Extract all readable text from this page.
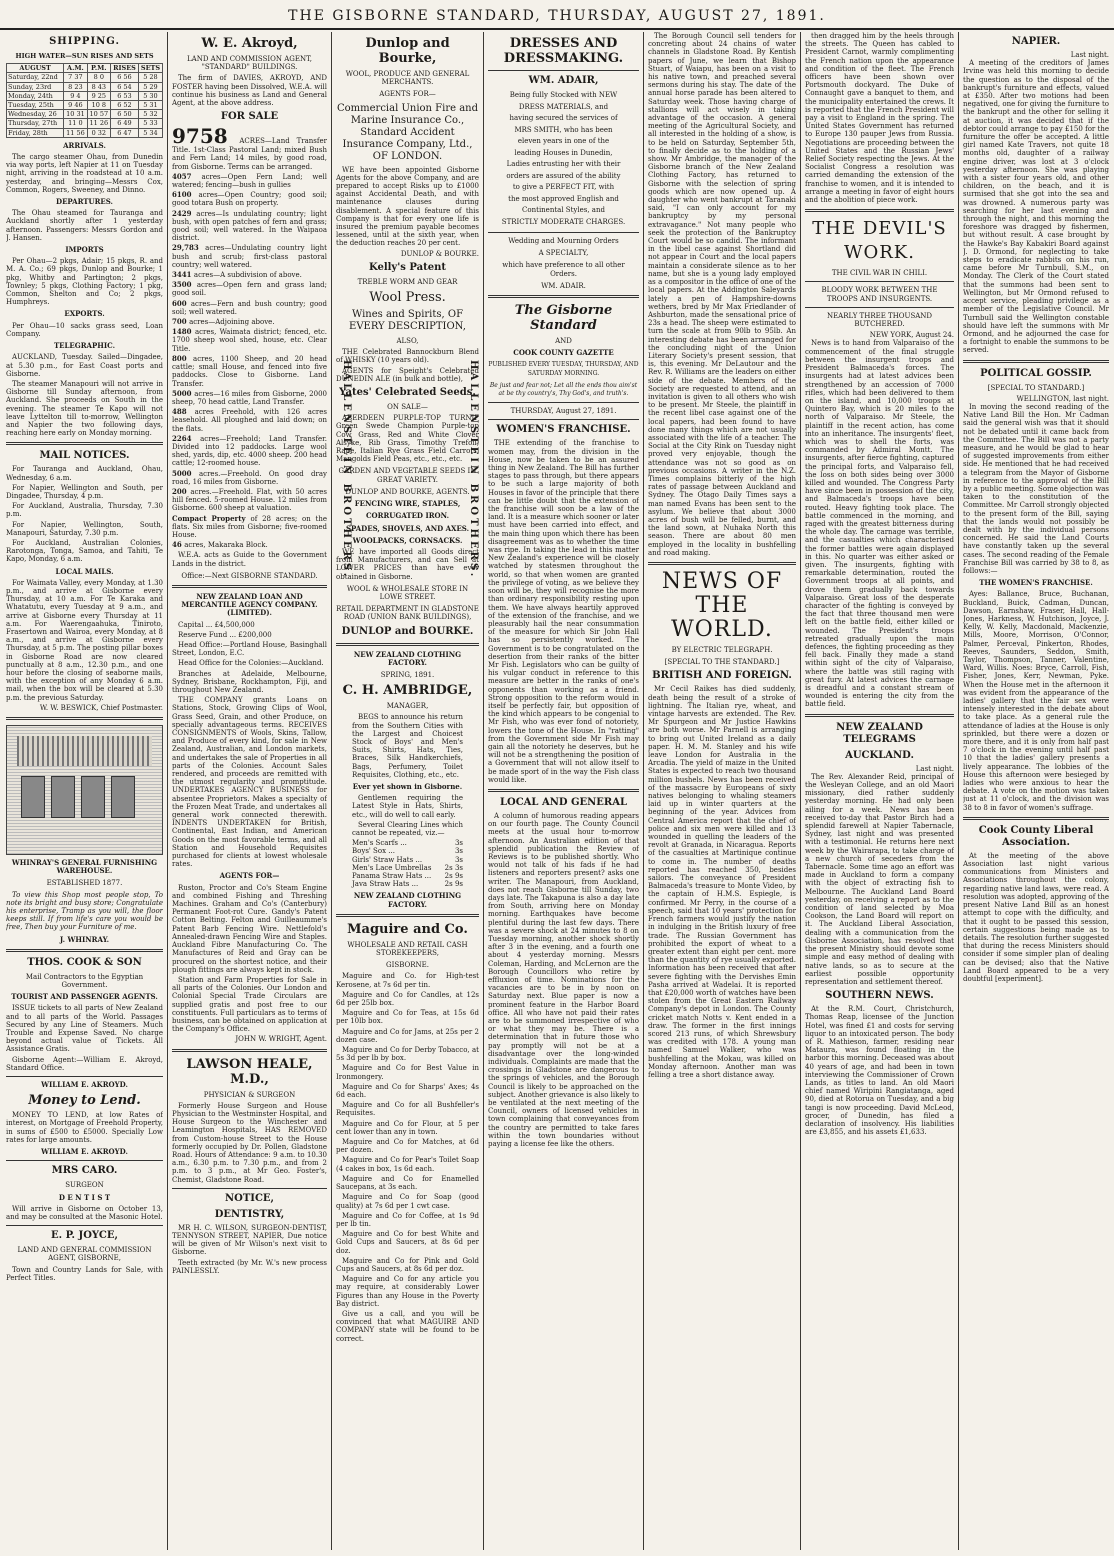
THE GISBORNE STANDARD, THURSDAY, AUGUST 27, 1891.
SHIPPING.
HIGH WATER—SUN RISES AND SETS
AUGUST	A.M.	P.M.	RISES	SETS
Saturday, 22nd	7 37	8 0	6 56	5 28
Sunday, 23rd	8 23	8 43	6 54	5 29
Monday, 24th	9 4	9 25	6 53	5 30
Tuesday, 25th	9 46	10 8	6 52	5 31
Wednesday, 26	10 31	10 57	6 50	5 32
Thursday, 27th	11 0	11 26	6 49	5 33
Friday, 28th	11 56	0 32	6 47	5 34
ARRIVALS.

The cargo steamer Ohau, from Dunedin via way ports, left Napier at 11 on Tuesday night, arriving in the roadstead at 10 a.m. yesterday, and bringing—Messrs Cox, Common, Rogers, Sweeney, and Dinno.

DEPARTURES.

The Ohau steamed for Tauranga and Auckland shortly after 1 yesterday afternoon. Passengers: Messrs Gordon and J. Hansen.

IMPORTS

Per Ohau—2 pkgs, Adair; 15 pkgs, R. and M. A. Co.; 69 pkgs, Dunlop and Bourke; 1 pkg, Whitby and Partington; 2 pkgs, Townley; 5 pkgs, Clothing Factory; 1 pkg, Common, Shelton and Co; 2 pkgs, Humphreys.

EXPORTS.

Per Ohau—10 sacks grass seed, Loan Company.

TELEGRAPHIC.

AUCKLAND, Tuesday. Sailed—Dingadee, at 5.30 p.m., for East Coast ports and Gisborne.

The steamer Manapouri will not arrive in Gisborne till Sunday afternoon, from Auckland. She proceeds on South in the evening. The steamer Te Kapo will not leave Lyttelton till to-morrow, Wellington and Napier the two following days, reaching here early on Monday morning.

MAIL NOTICES.

For Tauranga and Auckland, Ohau, Wednesday, 6 a.m.

For Napier, Wellington and South, per Dingadee, Thursday, 4 p.m.

For Auckland, Australia, Thursday, 7.30 p.m.

For Napier, Wellington, South, Manapouri, Saturday, 7.30 p.m.

For Auckland, Australian Colonies, Rarotonga, Tonga, Samoa, and Tahiti, Te Kapo, Monday, 6 a.m.

LOCAL MAILS.

For Waimata Valley, every Monday, at 1.30 p.m., and arrive at Gisborne every Thursday, at 10 a.m. For Te Karaka and Whatatutu, every Tuesday at 9 a.m., and arrive at Gisborne every Thursday at 11 a.m. For Waerengaahuka, Tiniroto, Frasertown and Wairoa, every Monday, at 8 a.m., and arrive at Gisborne every Thursday, at 5 p.m. The posting pillar boxes in Gisborne Road are now cleared punctually at 8 a.m., 12.30 p.m., and one hour before the closing of seaborne mails, with the exception of any Monday 6 a.m. mail, when the box will be cleared at 5.30 p.m. the previous Saturday.

W. W. BESWICK, Chief Postmaster.
WHINRAY'S GENERAL FURNISHING WAREHOUSE.
ESTABLISHED 1877.

To view this Shop most people stop, To note its bright and busy store; Congratulate his enterprise, Tramp as you will, the floor keeps still. If from life's care you would be free, Then buy your Furniture of me.

J. WHINRAY.
THOS. COOK & SON
Mail Contractors to the Egyptian Government.
TOURIST AND PASSENGER AGENTS.

ISSUE tickets to all parts of New Zealand and to all parts of the World. Passages Secured by any Line of Steamers. Much Trouble and Expense Saved. No charge beyond actual value of Tickets. All Assistance Gratis.

Gisborne Agent:—William E. Akroyd, Standard Office.

WILLIAM E. AKROYD.
Money to Lend.

MONEY TO LEND, at low Rates of interest, on Mortgage of Freehold Property, in sums of £500 to £5000. Specially Low rates for large amounts.

WILLIAM E. AKROYD.
MRS CARO.
SURGEON
D E N T I S T

Will arrive in Gisborne on October 13, and may be consulted at the Masonic Hotel.

E. P. JOYCE,
LAND AND GENERAL COMMISSION AGENT, GISBORNE,

Town and Country Lands for Sale, with Perfect Titles.

W. E. Akroyd,
LAND AND COMMISSION AGENT, "STANDARD" BUILDINGS.

The firm of DAVIES, AKROYD, AND FOSTER having been Dissolved, W.E.A. will continue his business as Land and General Agent, at the above address.

FOR SALE

9758 ACRES—Land Transfer Title. 1st-Class Pastoral Land; mixed Bush and Fern Land; 14 miles, by good road, from Gisborne. Terms can be arranged.

4057 acres—Open Fern Land; well watered; fencing—bush in gullies

6100 acres—Open Country; good soil; good totara Bush on property.

2429 acres—Is undulating country; light bush, with open patches of fern and grass; good soil; well watered. In the Waipaoa district.

29,783 acres—Undulating country light bush and scrub; first-class pastoral country; well watered.

3441 acres—A subdivision of above.

3500 acres—Open fern and grass land; good soil.

600 acres—Fern and bush country; good soil; well watered.

700 acres—Adjoining above.

1480 acres, Waimata district; fenced, etc. 1700 sheep wool shed, house, etc. Clear Title.

800 acres, 1100 Sheep, and 20 head cattle; small House, and fenced into five paddocks. Close to Gisborne. Land Transfer.

5000 acres—16 miles from Gisborne, 2000 sheep, 70 head cattle, Land Transfer.

488 acres Freehold, with 126 acres leasehold. All ploughed and laid down; on the flats.

2264 acres—Freehold; Land Transfer. Divided into 12 paddocks. Large wool shed, yards, dip, etc. 4000 sheep. 200 head cattle; 12-roomed house.

5000 acres.—Freehold. On good dray road, 16 miles from Gisborne.

200 acres.—Freehold. Flat, with 50 acres hill fenced. 5-roomed House. 12 miles from Gisborne. 600 sheep at valuation.

Compact Property of 28 acres; on the flats. Six miles from Gisborne; five-roomed House.

46 acres, Makaraka Block.

W.E.A. acts as Guide to the Government Lands in the district.

Office:—Next GISBORNE STANDARD.
NEW ZEALAND LOAN AND MERCANTILE AGENCY COMPANY. (LIMITED).

Capital ... £4,500,000

Reserve Fund ... £200,000

Head Office:—Portland House, Basinghall Street, London, E.C.

Head Office for the Colonies:—Auckland.

Branches at Adelaide, Melbourne, Sydney, Brisbane, Rockhampton, Fiji, and throughout New Zealand.

THE COMPANY grants Loans on Stations, Stock, Growing Clips of Wool, Grass Seed, Grain, and other Produce, on specially advantageous terms. RECEIVES CONSIGNMENTS of Wools, Skins, Tallow, and Produce of every kind, for sale in New Zealand, Australian, and London markets, and undertakes the sale of Properties in all parts of the Colonies. Account Sales rendered, and proceeds are remitted with the utmost regularity and promptitude. UNDERTAKES AGENCY BUSINESS for absentee Proprietors. Makes a specialty of the Frozen Meat Trade, and undertakes all general work connected therewith. INDENTS UNDERTAKEN for British, Continental, East Indian, and American Goods on the most favorable terms, and all Station and Household Requisites purchased for clients at lowest wholesale rates.

AGENTS FOR—

Ruston, Proctor and Co's Steam Engine and combined Fishing and Threshing Machines. Graham and Co's (Canterbury) Permanent Foot-rot Cure. Gandy's Patent Cotton Belting. Felton and Guilleaumme's Patent Barb Fencing Wire. Nettlefold's Annealed-drawn Fencing Wire and Staples. Auckland Fibre Manufacturing Co. The Manufactures of Reid and Gray can be procured on the shortest notice, and their plough fittings are always kept in stock.

Station and Farm Properties for Sale in all parts of the Colonies. Our London and Colonial Special Trade Circulars are supplied gratis and post free to our constituents. Full particulars as to terms of business, can be obtained on application at the Company's Office.

JOHN W. WRIGHT, Agent.
LAWSON HEALE, M.D.,
PHYSICIAN & SURGEON

Formerly House Surgeon and House Physician to the Westminster Hospital, and House Surgeon to the Winchester and Leamington Hospitals, HAS REMOVED from Custom-house Street to the House formerly occupied by Dr. Pollen, Gladstone Road. Hours of Attendance: 9 a.m. to 10.30 a.m., 6.30 p.m. to 7.30 p.m., and from 2 p.m. to 3 p.m., at Mr Geo. Foster's, Chemist, Gladstone Road.

NOTICE,
DENTISTRY,

MR H. C. WILSON, SURGEON-DENTIST, TENNYSON STREET, NAPIER, Due notice will be given of Mr Wilson's next visit to Gisborne.

Teeth extracted (by Mr. W.'s new process PAINLESSLY.

Dunlop and Bourke,
WOOL, PRODUCE AND GENERAL MERCHANTS.
AGENTS FOR—
Commercial Union Fire and Marine Insurance Co., Standard Accident Insurance Company, Ltd., OF LONDON.

WE have been appointed Gisborne Agents for the above Company, and are prepared to accept Risks up to £1000 against Accidental Death, and with maintenance clauses during disablement. A special feature of this Company is that for every one life is insured the premium payable becomes lessened, until at the sixth year, when the deduction reaches 20 per cent.

DUNLOP & BOURKE.
Kelly's Patent
TREBLE WORM AND GEAR
Wool Press.
Wines and Spirits, OF EVERY DESCRIPTION,
ALSO,

THE Celebrated Bannockburn Blend of WHISKY (10 years old).

AGENTS for Speight's Celebrated DUNEDIN ALE (in bulk and bottle),

Yates' Celebrated Seeds.
ON SALE—

ABERDEEN PURPLE-TOP TURNIP Green Swede Champion Purple-top Cow Grass, Red and White Clover Alsyke, Rib Grass, Timothy Trefoil, Rape, Italian Rye Grass Field Carrots, Mangolds Field Peas, etc., etc., etc.

GARDEN AND VEGETABLE SEEDS IN GREAT VARIETY.
DUNLOP AND BOURKE, AGENTS.
FENCING WIRE, STAPLES,
CORRUGATED IRON.
SPADES, SHOVELS, AND AXES.
WOOLPACKS, CORNSACKS.

WE have imported all Goods direct from Manufacturers, and can Sell at LOWER PRICES than have ever obtained in Gisborne.

WOOL & WHOLESALE STORE IN LOWE STREET.
RETAIL DEPARTMENT IN GLADSTONE ROAD (UNION BANK BUILDINGS),
DUNLOP and BOURKE.
NEW ZEALAND CLOTHING FACTORY.
SPRING, 1891.
C. H. AMBRIDGE,
MANAGER,

BEGS to announce his return from the Southern Cities with the Largest and Choicest Stock of Boys' and Men's Suits, Shirts, Hats, Ties, Braces, Silk Handkerchiefs, Bags, Perfumery, Toilet Requisites, Clothing, etc., etc.

Ever yet shown in Gisborne.

Gentlemen requiring the Latest Style in Hats, Shirts, etc., will do well to call early.

Several Clearing Lines which cannot be repeated, viz.—

Men's Scarfs ...	3s
Boys' Sox ...	3s
Girls' Straw Hats ...	3s
Men's Lace Umbrellas 2s 3s
Panama Straw Hats ... 2s 9s
Java Straw Hats ...	2s 9s
NEW ZEALAND CLOTHING FACTORY.
Maguire and Co.
WHOLESALE AND RETAIL CASH STOREKEEPERS,
GISBORNE.

Maguire and Co. for High-test Kerosene, at 7s 6d per tin.

Maguire and Co for Candles, at 12s 6d per 25lb box.

Maguire and Co for Teas, at 15s 6d per 10lb box.

Maguire and Co for Jams, at 25s per 2 dozen case.

Maguire and Co for Derby Tobacco, at 5s 3d per lb by box.

Maguire and Co for Best Value in Ironmongery.

Maguire and Co for Sharps' Axes; 4s 6d each.

Maguire and Co for all Bushfeller's Requisites.

Maguire and Co for Flour, at 5 per cent lower than any in town.

Maguire and Co for Matches, at 6d per dozen.

Maguire and Co for Pear's Toilet Soap (4 cakes in box, 1s 6d each.

Maguire and Co for Enamelled Saucepans, at 3s each.

Maguire and Co for Soap (good quality) at 7s 6d per 1 cwt case.

Maguire and Co for Coffee, at 1s 9d per lb tin.

Maguire and Co for best White and Gold Cups and Saucers, at 8s 6d per doz.

Maguire and Co for Pink and Gold Cups and Saucers, at 8s 6d per doz.

Maguire and Co for any article you may require, at considerably Lower Figures than any House in the Poverty Bay district.

Give us a call, and you will be convinced that what MAGUIRE AND COMPANY state will be found to be correct.

HALLENSTEIN BROTHERS.	HALLENSTEIN BROTHERS.
DRESSES AND DRESSMAKING.
WM. ADAIR,
Being fully Stocked with NEW
DRESS MATERIALS, and
having secured the services of
MRS SMITH, who has been
eleven years in one of the
leading Houses in Dunedin,
Ladies entrusting her with their
orders are assured of the ability
to give a PERFECT FIT, with
the most approved English and
Continental Styles, and
STRICTLY MODERATE CHARGES.
Wedding and Mourning Orders
A SPECIALTY,
which have preference to all other Orders.
WM. ADAIR.
The Gisborne Standard
AND
COOK COUNTY GAZETTE
PUBLISHED EVERY TUESDAY, THURSDAY, AND SATURDAY MORNING.
Be just and fear not; Let all the ends thou aim'st at be thy country's, Thy God's, and truth's.
THURSDAY, August 27, 1891.
WOMEN'S FRANCHISE.

THE extending of the franchise to women may, from the division in the House, now be taken to be an assured thing in New Zealand. The Bill has further stages to pass through, but there appears to be such a large majority of both Houses in favor of the principle that there can be little doubt that the extension of the franchise will soon be a law of the land. It is a measure which sooner or later must have been carried into effect, and the main thing upon which there has been disagreement was as to whether the time was ripe. In taking the lead in this matter New Zealand's experience will be closely watched by statesmen throughout the world, so that when women are granted the privilege of voting, as we believe they soon will be, they will recognise the more than ordinary responsibility resting upon them. We have always heartily approved of the extension of the franchise, and we pleasurably hail the near consummation of the measure for which Sir John Hall has so persistently worked. The Government is to be congratulated on the desertion from their ranks of the bitter Mr Fish. Legislators who can be guilty of his vulgar conduct in reference to this measure are better in the ranks of one's opponents than working as a friend. Strong opposition to the reform would in itself be perfectly fair, but opposition of the kind which appears to be congenial to Mr Fish, who was ever fond of notoriety, lowers the tone of the House. In "ratting" from the Government side Mr Fish may gain all the notoriety he deserves, but he will not be a strengthening the position of a Government that will not allow itself to be made sport of in the way the Fish class would like.

LOCAL AND GENERAL

A column of humorous reading appears on our fourth page. The County Council meets at the usual hour to-morrow afternoon. An Australian edition of that splendid publication the Review of Reviews is to be published shortly. Who would not talk of his fads if he had listeners and reporters present? asks one writer. The Manapouri, from Auckland, does not reach Gisborne till Sunday, two days late. The Takapuna is also a day late from South, arriving here on Monday morning. Earthquakes have become plentiful during the last few days. There was a severe shock at 24 minutes to 8 on Tuesday morning, another shock shortly after 3 in the evening, and a fourth one about 4 yesterday morning. Messrs Coleman, Harding, and McLernon are the Borough Councillors who retire by effluxion of time. Nominations for the vacancies are to be in by noon on Saturday next. Blue paper is now a prominent feature in the Harbor Board office. All who have not paid their rates are to be summoned irrespective of who or what they may be. There is a determination that in future those who pay promptly will not be at a disadvantage over the long-winded individuals. Complaints are made that the crossings in Gladstone are dangerous to the springs of vehicles, and the Borough Council is likely to be approached on the subject. Another grievance is also likely to be ventilated at the next meeting of the Council, owners of licensed vehicles in town complaining that conveyances from the country are permitted to take fares within the town boundaries without paying a license fee like the others.

The Borough Council sell tenders for concreting about 24 chains of water channels in Gladstone Road. By Kentish papers of June, we learn that Bishop Stuart, of Waiapu, has been on a visit to his native town, and preached several sermons during his stay. The date of the annual horse parade has been altered to Saturday week. Those having charge of stallions will act wisely in taking advantage of the occasion. A general meeting of the Agricultural Society, and all interested in the holding of a show, is to be held on Saturday, September 5th, to finally decide as to the holding of a show. Mr Ambridge, the manager of the Gisborne branch of the New Zealand Clothing Factory, has returned to Gisborne with the selection of spring goods which are now opened up. A daughter who went bankrupt at Taranaki said, "I can only account for my bankruptcy by my personal extravagance." Not many people who seek the protection of the Bankruptcy Court would be so candid. The informant in the libel case against Shortland did not appear in Court and the local papers maintain a considerate silence as to her name, but she is a young lady employed as a compositor in the office of one of the local papers. At the Addington Saleyards lately a pen of Hampshire-downs wethers, bred by Mr Max Friedlander of Ashburton, made the sensational price of 23s a head. The sheep were estimated to turn the scale at from 90lb to 95lb. An interesting debate has been arranged for the concluding night of the Union Literary Society's present session, that is, this evening. Mr DeLautour and the Rev. R. Williams are the leaders on either side of the debate. Members of the Society are requested to attend, and an invitation is given to all others who wish to be present. Mr Steele, the plaintiff in the recent libel case against one of the local papers, had been found to have done many things which are not usually associated with the life of a teacher. The Social at the City Rink on Tuesday night proved very enjoyable, though the attendance was not so good as on previous occasions. A writer in the N.Z. Times complains bitterly of the high rates of passage between Auckland and Sydney. The Otago Daily Times says a man named Evans has been sent to the asylum. We believe that about 3000 acres of bush will be felled, burnt, and the land sown, at Nuhaka North this season. There are about 80 men employed in the locality in bushfelling and road making.

NEWS OF THE WORLD.
BY ELECTRIC TELEGRAPH.
[SPECIAL TO THE STANDARD.]
BRITISH AND FOREIGN.

Mr Cecil Raikes has died suddenly, death being the result of a stroke of lightning. The Italian rye, wheat, and vintage harvests are extended. The Rev. Mr Spurgeon and Mr Justice Hawkins are both worse. Mr Parnell is arranging to bring out United Ireland as a daily paper. H. M. M. Stanley and his wife leave London for Australia in the Arcadia. The yield of maize in the United States is expected to reach two thousand million bushels. News has been received of the massacre by Europeans of sixty natives belonging to whaling steamers laid up in winter quarters at the beginning of the year. Advices from Central America report that the chief of police and six men were killed and 13 wounded in quelling the leaders of the revolt at Granada, in Nicaragua. Reports of the casualties at Martinique continue to come in. The number of deaths reported has reached 350, besides sailors. The conveyance of President Balmaceda's treasure to Monte Video, by the captain of H.M.S. Espiegle, is confirmed. Mr Perry, in the course of a speech, said that 10 years' protection for French farmers would justify the nation in indulging in the British luxury of free trade. The Russian Government has prohibited the export of wheat to a greater extent than eight per cent. more than the quantity of rye usually exported. Information has been received that after severe fighting with the Dervishes Emin Pasha arrived at Wadelai. It is reported that £20,000 worth of watches have been stolen from the Great Eastern Railway Company's depot in London. The County cricket match Notts v. Kent ended in a draw. The former in the first innings scored 213 runs, of which Shrewsbury was credited with 178. A young man named Samuel Walker, who was bushfelling at the Mokau, was killed on Monday afternoon. Another man was felling a tree a short distance away.

then dragged him by the heels through the streets. The Queen has cabled to President Carnot, warmly complimenting the French nation upon the appearance and condition of the fleet. The French officers have been shown over Portsmouth dockyard. The Duke of Connaught gave a banquet to them, and the municipality entertained the crews. It is reported that the French President will pay a visit to England in the spring. The United States Government has returned to Europe 130 pauper Jews from Russia. Negotiations are proceeding between the United States and the Russian Jews' Relief Society respecting the Jews. At the Socialist Congress a resolution was carried demanding the extension of the franchise to women, and it is intended to arrange a meeting in favor of eight hours and the abolition of piece work.

THE DEVIL'S WORK.
THE CIVIL WAR IN CHILI.
BLOODY WORK BETWEEN THE TROOPS AND INSURGENTS.
NEARLY THREE THOUSAND BUTCHERED.
NEW YORK, August 24.

News is to hand from Valparaiso of the commencement of the final struggle between the insurgent troops and President Balmaceda's forces. The insurgents had at latest advices been strengthened by an accession of 7000 rifles, which had been delivered to them on the island, and 10,000 troops at Quintero Bay, which is 20 miles to the north of Valparaiso. Mr Steele, the plaintiff in the recent action, has come into an inheritance. The insurgents' fleet, which was to shell the forts, was commanded by Admiral Montt. The insurgents, after fierce fighting, captured the principal forts, and Valparaiso fell, the loss on both sides being over 3000 killed and wounded. The Congress Party have since been in possession of the city, and Balmaceda's troops have been routed. Heavy fighting took place. The battle commenced in the morning, and raged with the greatest bitterness during the whole day. The carnage was terrible, and the casualties which characterised the former battles were again displayed in this. No quarter was either asked or given. The insurgents, fighting with remarkable determination, routed the Government troops at all points, and drove them gradually back towards Valparaiso. Great loss of the desperate character of the fighting is conveyed by the fact that three thousand men were left on the battle field, either killed or wounded. The President's troops retreated gradually upon the main defences, the fighting proceeding as they fell back. Finally they made a stand within sight of the city of Valparaiso, where the battle was still raging with great fury. At latest advices the carnage is dreadful and a constant stream of wounded is entering the city from the battle field.

NEW ZEALAND TELEGRAMS
AUCKLAND.
Last night.

The Rev. Alexander Reid, principal of the Wesleyan College, and an old Maori missionary, died rather suddenly yesterday morning. He had only been ailing for a week. News has been received to-day that Pastor Birch had a splendid farewell at Napier Tabernacle, Sydney, last night and was presented with a testimonial. He returns here next week by the Wairarapa, to take charge of a new church of seceders from the Tabernacle. Some time ago an effort was made in Auckland to form a company with the object of extracting fish to Melbourne. The Auckland Land Board yesterday, on receiving a report as to the condition of land selected by Moa Cookson, the Land Board will report on it. The Auckland Liberal Association, dealing with a communication from the Gisborne Association, has resolved that the present Ministry should devote some simple and easy method of dealing with native lands, so as to secure at the earliest possible opportunity representation and settlement thereof.

SOUTHERN NEWS.

At the R.M. Court, Christchurch, Thomas Reap, licensee of the Junction Hotel, was fined £1 and costs for serving liquor to an intoxicated person. The body of R. Mathieson, farmer, residing near Mataura, was found floating in the harbor this morning. Deceased was about 40 years of age, and had been in town interviewing the Commissioner of Crown Lands, as titles to land. An old Maori chief named Wiripini Rangiatanga, aged 90, died at Rotorua on Tuesday, and a big tangi is now proceeding. David McLeod, grocer, of Dunedin, has filed a declaration of insolvency. His liabilities are £3,855, and his assets £1,633.

NAPIER.
Last night.

A meeting of the creditors of James Irvine was held this morning to decide the question as to the disposal of the bankrupt's furniture and effects, valued at £350. After two motions had been negatived, one for giving the furniture to the bankrupt and the other for selling it at auction, it was decided that if the debtor could arrange to pay £150 for the furniture the offer be accepted. A little girl named Kate Travers, not quite 18 months old, daughter of a railway engine driver, was lost at 3 o'clock yesterday afternoon. She was playing with a sister four years old, and other children, on the beach, and it is surmised that she got into the sea and was drowned. A numerous party was searching for her last evening and through the night, and this morning the foreshore was dragged by fishermen, but without result. A case brought by the Hawke's Bay Kabakiri Board against J. D. Ormond, for neglecting to take steps to eradicate rabbits on his run, came before Mr Turnbull, S.M., on Monday. The Clerk of the Court stated that the summons had been sent to Wellington, but Mr Ormond refused to accept service, pleading privilege as a member of the Legislative Council. Mr Turnbull said the Wellington constable should have left the summons with Mr Ormond, and he adjourned the case for a fortnight to enable the summons to be served.

POLITICAL GOSSIP.
[SPECIAL TO STANDARD.]
WELLINGTON, last night.

In moving the second reading of the Native Land Bill the Hon. Mr Cadman said the general wish was that it should not be debated until it came back from the Committee. The Bill was not a party measure, and he would be glad to hear of suggested improvements from either side. He mentioned that he had received a telegram from the Mayor of Gisborne in reference to the approval of the Bill by a public meeting. Some objection was taken to the constitution of the Committee. Mr Carroll strongly objected to the present form of the Bill, saying that the lands would not possibly be dealt with by the individual persons concerned. He said the Land Courts have constantly taken up the several cases. The second reading of the Female Franchise Bill was carried by 38 to 8, as follows:—

THE WOMEN'S FRANCHISE.

Ayes: Ballance, Bruce, Buchanan, Buckland, Buick, Cadman, Duncan, Dawson, Earnshaw, Fraser, Hall, Hall-Jones, Harkness, W. Hutchison, Joyce, J. Kelly, W. Kelly, Macdonald, Mackenzie, Mills, Moore, Morrison, O'Connor, Palmer, Perceval, Pinkerton, Rhodes, Reeves, Saunders, Seddon, Smith, Taylor, Thompson, Tanner, Valentine, Ward, Willis. Noes: Bryce, Carroll, Fish, Fisher, Jones, Kerr, Newman, Pyke. When the House met in the afternoon it was evident from the appearance of the ladies' gallery that the fair sex were intensely interested in the debate about to take place. As a general rule the attendance of ladies at the House is only sprinkled, but there were a dozen or more there, and it is only from half past 7 o'clock in the evening until half past 10 that the ladies' gallery presents a lively appearance. The lobbies of the House this afternoon were besieged by ladies who were anxious to hear the debate. A vote on the motion was taken just at 11 o'clock, and the division was 38 to 8 in favor of women's suffrage.

Cook County Liberal Association.

At the meeting of the above Association last night various communications from Ministers and Associations throughout the colony, regarding native land laws, were read. A resolution was adopted, approving of the present Native Land Bill as an honest attempt to cope with the difficulty, and that it ought to be passed this session, certain suggestions being made as to details. The resolution further suggested that during the recess Ministers should consider if some simpler plan of dealing can be devised; also that the Native Land Board appeared to be a very doubtful [experiment].
